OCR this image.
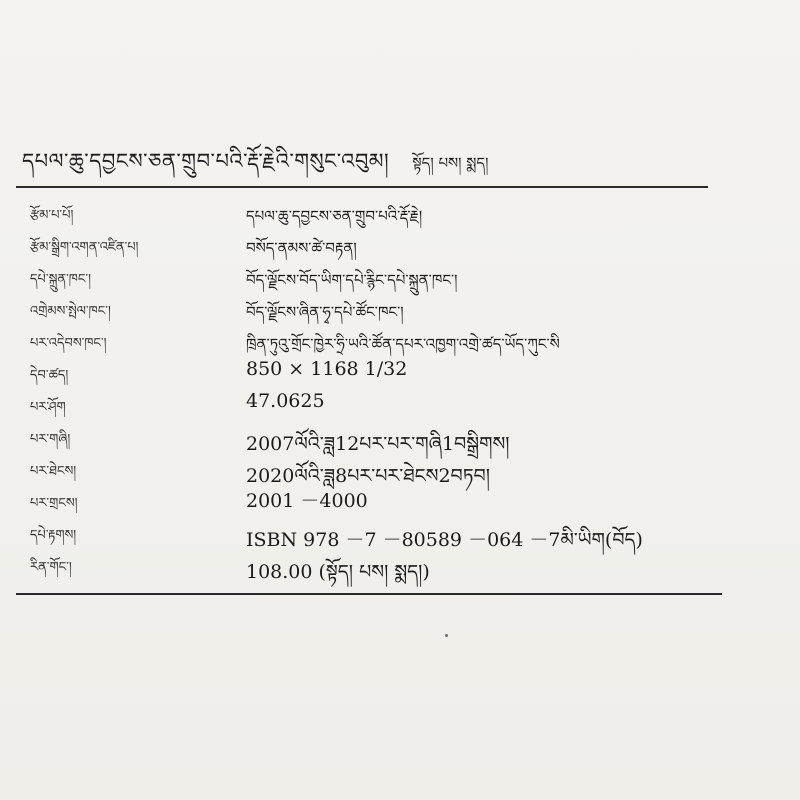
དཔལ་ཆུ་དབྱངས་ཅན་གྲུབ་པའི་རྡོ་རྗེའི་གསུང་འབུམ། སྟོད། པས། སྨད།
རྩོམ་པ་པོ།	དཔལ་ཆུ་དབྱངས་ཅན་གྲུབ་པའི་རྡོ་རྗེ།
རྩོམ་སྒྲིག་འགན་འཛིན་པ།	བསོད་ནམས་ཚེ་བརྟན།
དཔེ་སྐྲུན་ཁང་།	བོད་ལྗོངས་བོད་ཡིག་དཔེ་རྙིང་དཔེ་སྐྲུན་ཁང་།
འགྲེམས་སྤེལ་ཁང་།	བོད་ལྗོངས་ཞིན་ཧྭ་དཔེ་ཚོང་ཁང་།
པར་འདེབས་ཁང་།	ཁྲིན་ཏུའུ་གྲོང་ཁྱེར་ཧྲི་ཡའི་ཚོན་དཔར་འཁྱག་འགྲེ་ཚད་ཡོད་ཀུང་སི
དེབ་ཚད།	850 × 1168 1/32
པར་ཤོག	47.0625
པར་གཞི།	2007ལོའི་ཟླ12པར་པར་གཞི1བསྒྲིགས།
པར་ཐེངས།	2020ལོའི་ཟླ8པར་པར་ཐེངས2བཏབ།
པར་གྲངས།	2001 －4000
དཔེ་རྟགས།	ISBN 978 －7 －80589 －064 －7མི་ཡིག(བོད)
རིན་གོང་།	108.00 (སྟོད། པས། སྨད།)
